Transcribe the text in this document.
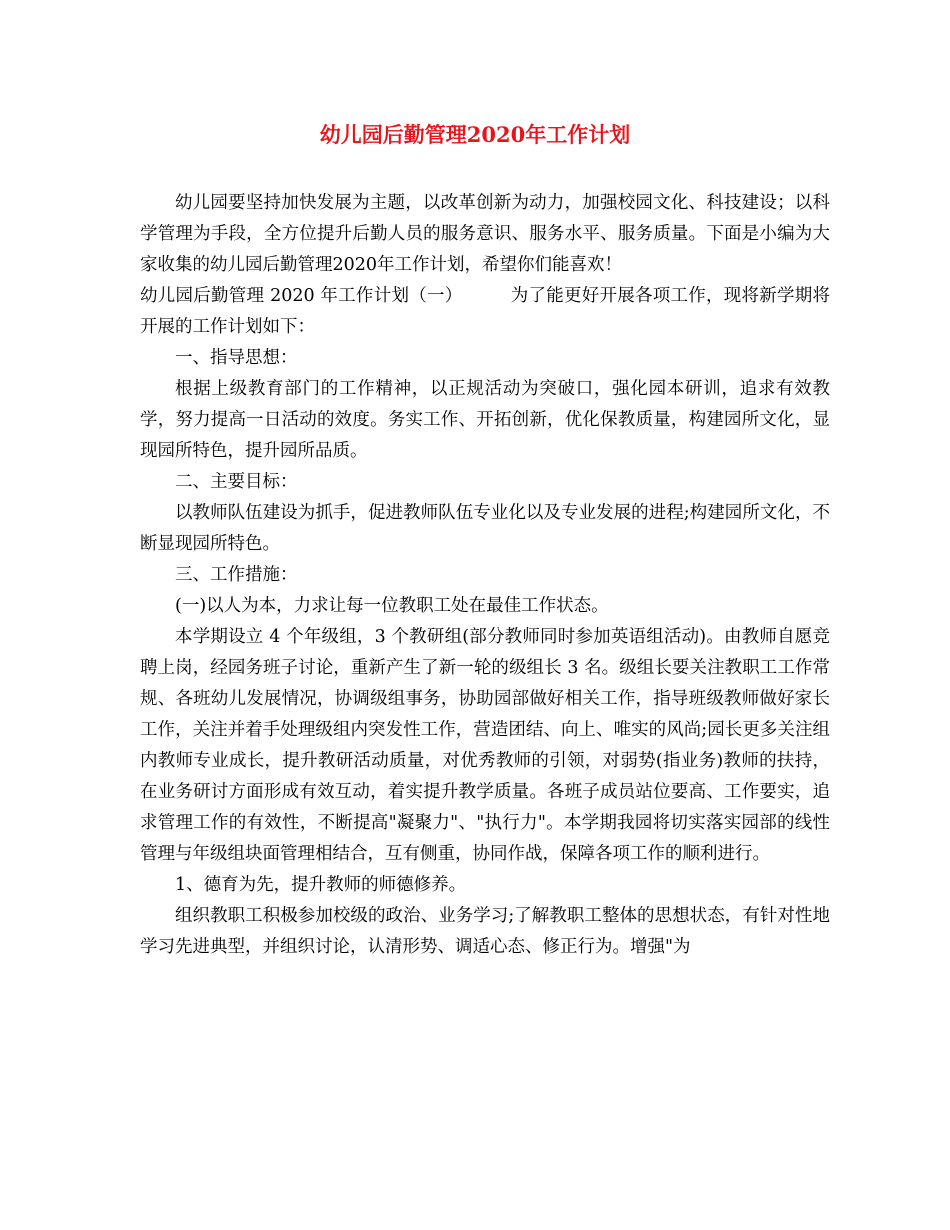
幼儿园后勤管理2020年工作计划

幼儿园要坚持加快发展为主题，以改革创新为动力，加强校园文化、科技建设；以科学管理为手段，全方位提升后勤人员的服务意识、服务水平、服务质量。下面是小编为大家收集的幼儿园后勤管理2020年工作计划，希望你们能喜欢！

幼儿园后勤管理 2020 年工作计划（一）	为了能更好开展各项工作，现将新学期将开展的工作计划如下：

一、指导思想：

根据上级教育部门的工作精神，以正规活动为突破口，强化园本研训，追求有效教学，努力提高一日活动的效度。务实工作、开拓创新，优化保教质量，构建园所文化，显现园所特色，提升园所品质。

二、主要目标：

以教师队伍建设为抓手，促进教师队伍专业化以及专业发展的进程;构建园所文化，不断显现园所特色。

三、工作措施：

(一)以人为本，力求让每一位教职工处在最佳工作状态。

本学期设立 4 个年级组，3 个教研组(部分教师同时参加英语组活动)。由教师自愿竞聘上岗，经园务班子讨论，重新产生了新一轮的级组长 3 名。级组长要关注教职工工作常规、各班幼儿发展情况，协调级组事务，协助园部做好相关工作，指导班级教师做好家长工作，关注并着手处理级组内突发性工作，营造团结、向上、唯实的风尚;园长更多关注组内教师专业成长，提升教研活动质量，对优秀教师的引领，对弱势(指业务)教师的扶持，在业务研讨方面形成有效互动，着实提升教学质量。各班子成员站位要高、工作要实，追求管理工作的有效性，不断提高"凝聚力"、"执行力"。本学期我园将切实落实园部的线性管理与年级组块面管理相结合，互有侧重，协同作战，保障各项工作的顺利进行。

1、德育为先，提升教师的师德修养。

组织教职工积极参加校级的政治、业务学习;了解教职工整体的思想状态，有针对性地学习先进典型，并组织讨论，认清形势、调适心态、修正行为。增强"为
